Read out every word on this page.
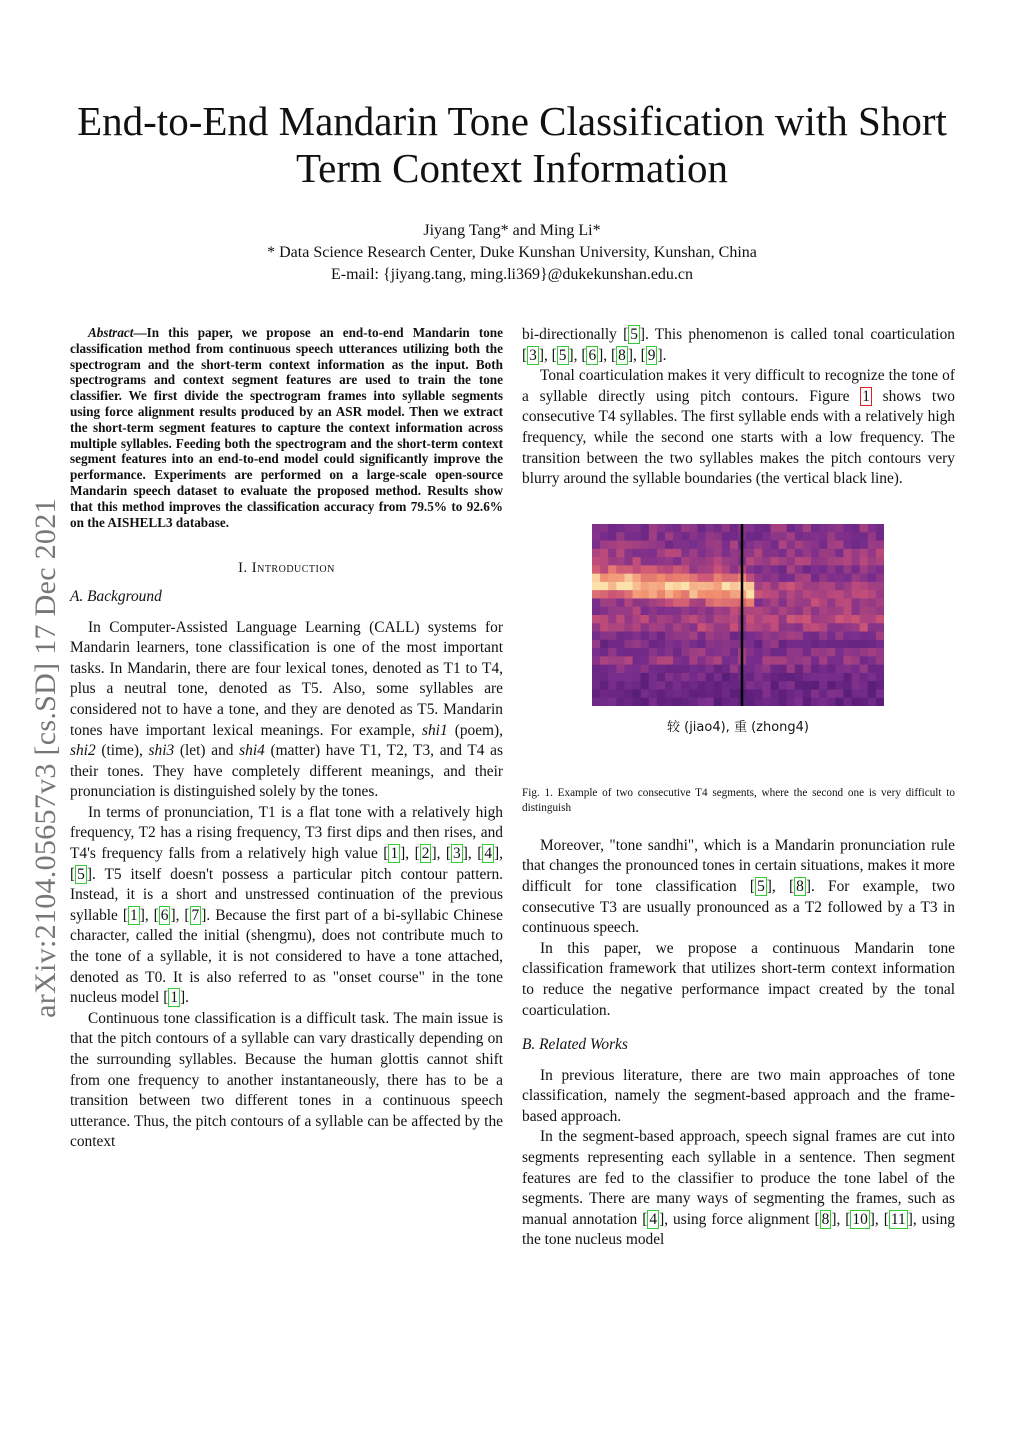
End-to-End Mandarin Tone Classification with Short Term Context Information
Jiyang Tang* and Ming Li*
* Data Science Research Center, Duke Kunshan University, Kunshan, China
E-mail: {jiyang.tang, ming.li369}@dukekunshan.edu.cn
arXiv:2104.05657v3 [cs.SD] 17 Dec 2021

Abstract—In this paper, we propose an end-to-end Mandarin tone classification method from continuous speech utterances utilizing both the spectrogram and the short-term context information as the input. Both spectrograms and context segment features are used to train the tone classifier. We first divide the spectrogram frames into syllable segments using force alignment results produced by an ASR model. Then we extract the short-term segment features to capture the context information across multiple syllables. Feeding both the spectrogram and the short-term context segment features into an end-to-end model could significantly improve the performance. Experiments are performed on a large-scale open-source Mandarin speech dataset to evaluate the proposed method. Results show that this method improves the classification accuracy from 79.5% to 92.6% on the AISHELL3 database.

I. Introduction
A. Background

In Computer-Assisted Language Learning (CALL) systems for Mandarin learners, tone classification is one of the most important tasks. In Mandarin, there are four lexical tones, denoted as T1 to T4, plus a neutral tone, denoted as T5. Also, some syllables are considered not to have a tone, and they are denoted as T5. Mandarin tones have important lexical meanings. For example, shi1 (poem), shi2 (time), shi3 (let) and shi4 (matter) have T1, T2, T3, and T4 as their tones. They have completely different meanings, and their pronunciation is distinguished solely by the tones.

In terms of pronunciation, T1 is a flat tone with a relatively high frequency, T2 has a rising frequency, T3 first dips and then rises, and T4's frequency falls from a relatively high value [ 1 ], [ 2 ], [ 3 ], [ 4 ], [ 5 ]. T5 itself doesn't possess a particular pitch contour pattern. Instead, it is a short and unstressed continuation of the previous syllable [ 1 ], [ 6 ], [ 7 ]. Because the first part of a bi-syllabic Chinese character, called the initial (shengmu), does not contribute much to the tone of a syllable, it is not considered to have a tone attached, denoted as T0. It is also referred to as "onset course" in the tone nucleus model [ 1 ].

Continuous tone classification is a difficult task. The main issue is that the pitch contours of a syllable can vary drastically depending on the surrounding syllables. Because the human glottis cannot shift from one frequency to another instantaneously, there has to be a transition between two different tones in a continuous speech utterance. Thus, the pitch contours of a syllable can be affected by the context

bi-directionally [ 5 ]. This phenomenon is called tonal coarticulation [ 3 ], [ 5 ], [ 6 ], [ 8 ], [ 9 ].

Tonal coarticulation makes it very difficult to recognize the tone of a syllable directly using pitch contours. Figure 1 shows two consecutive T4 syllables. The first syllable ends with a relatively high frequency, while the second one starts with a low frequency. The transition between the two syllables makes the pitch contours very blurry around the syllable boundaries (the vertical black line).

较 (jiao4), 重 (zhong4)

Fig. 1. Example of two consecutive T4 segments, where the second one is very difficult to distinguish

Moreover, "tone sandhi", which is a Mandarin pronunciation rule that changes the pronounced tones in certain situations, makes it more difficult for tone classification [ 5 ], [ 8 ]. For example, two consecutive T3 are usually pronounced as a T2 followed by a T3 in continuous speech.

In this paper, we propose a continuous Mandarin tone classification framework that utilizes short-term context information to reduce the negative performance impact created by the tonal coarticulation.

B. Related Works

In previous literature, there are two main approaches of tone classification, namely the segment-based approach and the frame-based approach.

In the segment-based approach, speech signal frames are cut into segments representing each syllable in a sentence. Then segment features are fed to the classifier to produce the tone label of the segments. There are many ways of segmenting the frames, such as manual annotation [ 4 ], using force alignment [ 8 ], [ 10 ], [ 11 ], using the tone nucleus model
